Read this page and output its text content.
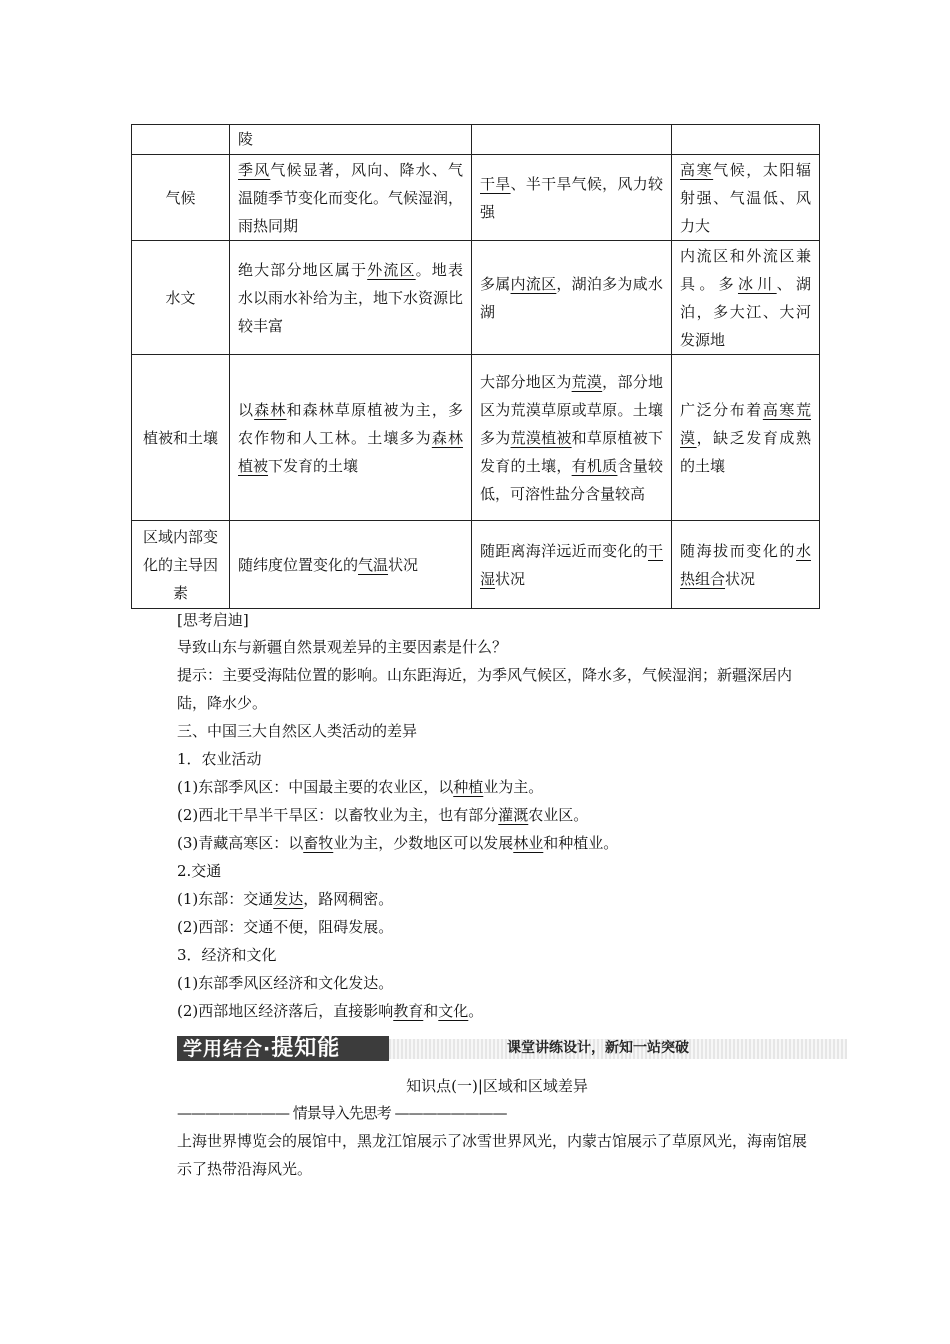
	陵		
气候	季风气候显著，风向、降水、气温随季节变化而变化。气候湿润，雨热同期	干旱、半干旱气候，风力较强	高寒气候，太阳辐射强、气温低、风力大
水文	绝大部分地区属于外流区。地表水以雨水补给为主，地下水资源比较丰富	多属内流区，湖泊多为咸水湖	内流区和外流区兼具。多冰川、湖泊，多大江、大河发源地
植被和土壤	以森林和森林草原植被为主，多农作物和人工林。土壤多为森林植被下发育的土壤	大部分地区为荒漠，部分地区为荒漠草原或草原。土壤多为荒漠植被和草原植被下发育的土壤，有机质含量较低，可溶性盐分含量较高	广泛分布着高寒荒漠，缺乏发育成熟的土壤
区域内部变化的主导因素	随纬度位置变化的气温状况	随距离海洋远近而变化的干湿状况	随海拔而变化的水热组合状况
[思考启迪]
导致山东与新疆自然景观差异的主要因素是什么？
提示：主要受海陆位置的影响。山东距海近，为季风气候区，降水多，气候湿润；新疆深居内陆，降水少。
三、中国三大自然区人类活动的差异
1．农业活动
(1)东部季风区：中国最主要的农业区，以种植业为主。
(2)西北干旱半干旱区：以畜牧业为主，也有部分灌溉农业区。
(3)青藏高寒区：以畜牧业为主，少数地区可以发展林业和种植业。
2.交通
(1)东部：交通发达，路网稠密。
(2)西部：交通不便，阻碍发展。
3．经济和文化
(1)东部季风区经济和文化发达。
(2)西部地区经济落后，直接影响教育和文化。
学用结合·提知能	课堂讲练设计，新知一站突破
知识点(一)|区域和区域差异
———————— 情景导入先思考 ————————
上海世界博览会的展馆中，黑龙江馆展示了冰雪世界风光，内蒙古馆展示了草原风光，海南馆展示了热带沿海风光。
